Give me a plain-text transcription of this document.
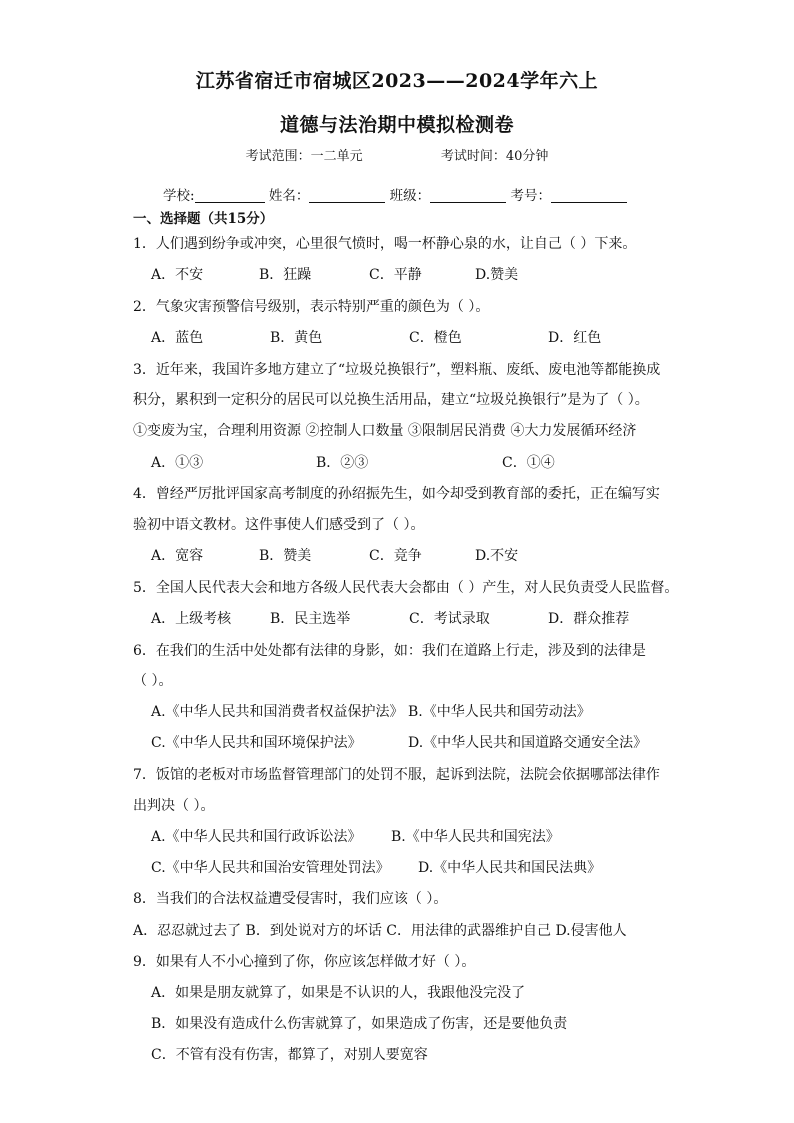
江苏省宿迁市宿城区2023——2024学年六上
道德与法治期中模拟检测卷
考试范围：一二单元	考试时间：40分钟
学校:	姓名：	班级：	考号：
一、选择题（共15分）
1．人们遇到纷争或冲突，心里很气愤时，喝一杯静心泉的水，让自己（ ）下来。
A．不安	B．狂躁	C．平静	D.赞美
2．气象灾害预警信号级别，表示特别严重的颜色为（ ）。
A．蓝色	B．黄色	C．橙色	D．红色
3．近年来，我国许多地方建立了“垃圾兑换银行”，塑料瓶、废纸、废电池等都能换成
积分，累积到一定积分的居民可以兑换生活用品，建立“垃圾兑换银行”是为了（ ）。
①变废为宝，合理利用资源 ②控制人口数量 ③限制居民消费 ④大力发展循环经济
A．①③	B．②③	C．①④
4．曾经严厉批评国家高考制度的孙绍振先生，如今却受到教育部的委托，正在编写实
验初中语文教材。这件事使人们感受到了（ ）。
A．宽容	B．赞美	C．竞争	D.不安
5．全国人民代表大会和地方各级人民代表大会都由（ ）产生，对人民负责受人民监督。
A．上级考核	B．民主选举	C．考试录取	D．群众推荐
6．在我们的生活中处处都有法律的身影，如：我们在道路上行走，涉及到的法律是
（ ）。
A.《中华人民共和国消费者权益保护法》 B.《中华人民共和国劳动法》
C.《中华人民共和国环境保护法》	D.《中华人民共和国道路交通安全法》
7．饭馆的老板对市场监督管理部门的处罚不服，起诉到法院，法院会依据哪部法律作
出判决（ ）。
A.《中华人民共和国行政诉讼法》 B.《中华人民共和国宪法》
C.《中华人民共和国治安管理处罚法》 D.《中华人民共和国民法典》
8．当我们的合法权益遭受侵害时，我们应该（ ）。
A．忍忍就过去了 B．到处说对方的坏话 C．用法律的武器维护自己 D.侵害他人
9．如果有人不小心撞到了你，你应该怎样做才好（ ）。
A．如果是朋友就算了，如果是不认识的人，我跟他没完没了
B．如果没有造成什么伤害就算了，如果造成了伤害，还是要他负责
C．不管有没有伤害，都算了，对别人要宽容
